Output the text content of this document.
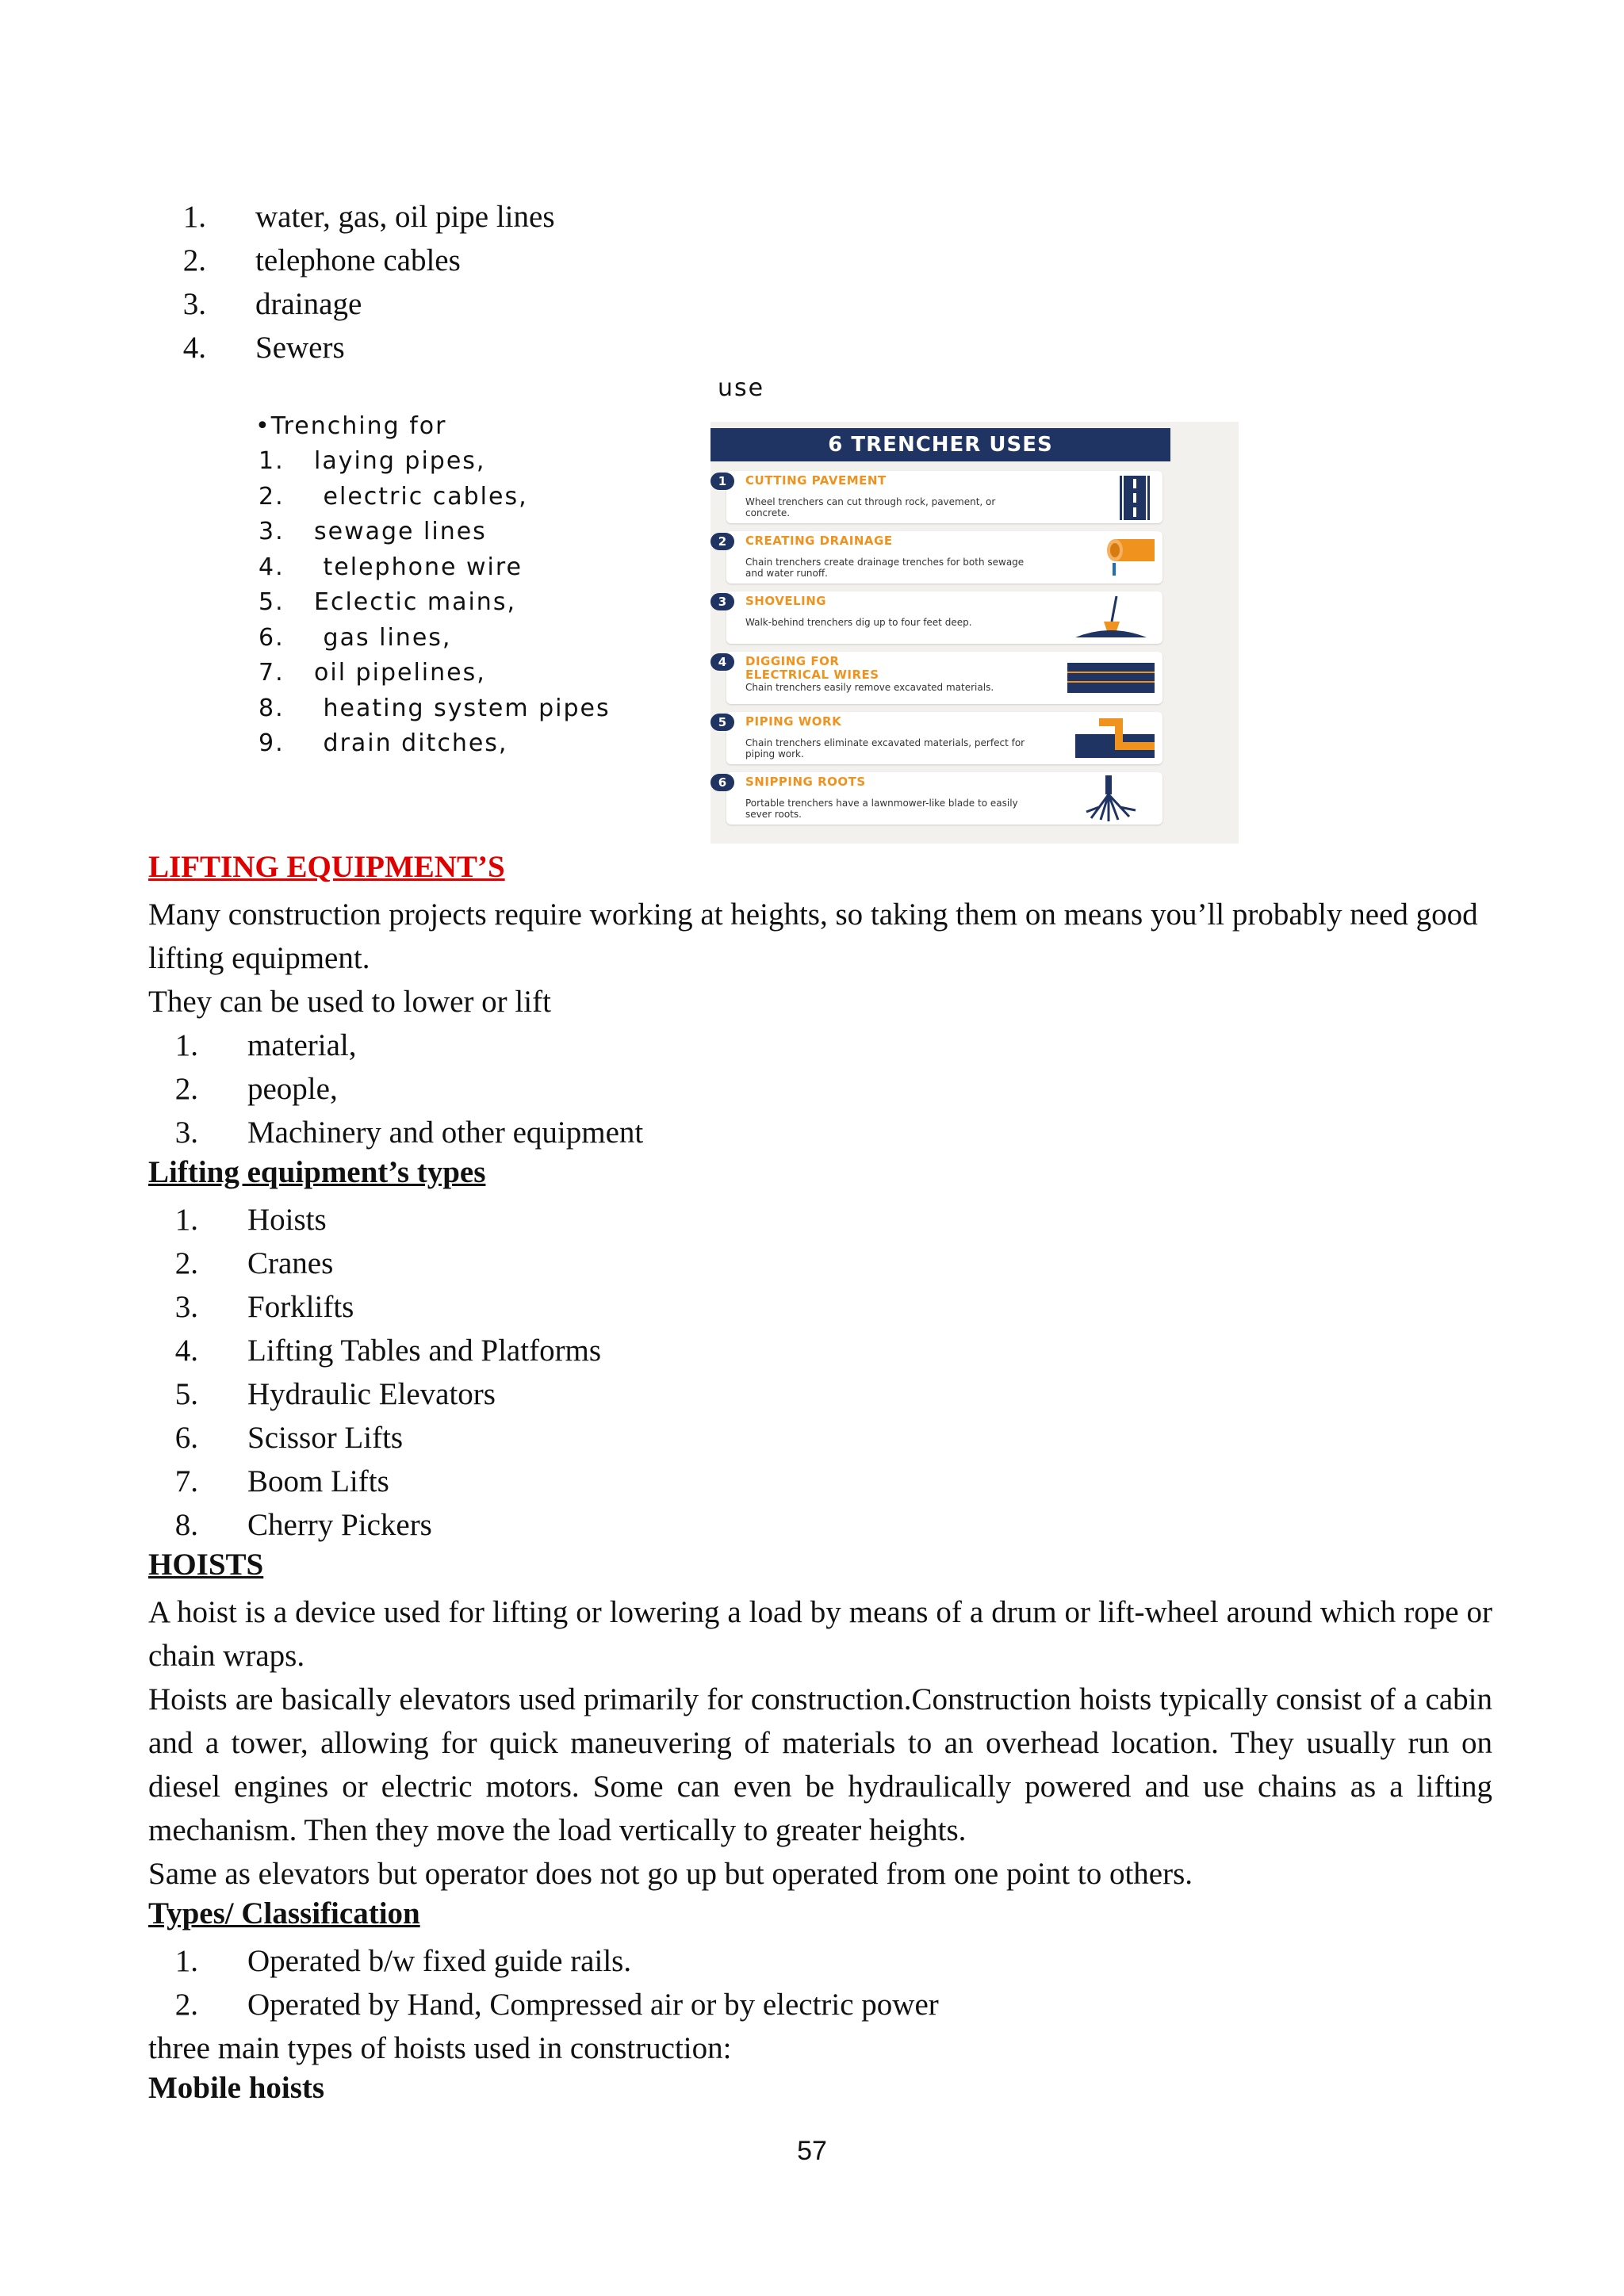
1. water, gas, oil pipe lines
2. telephone cables
3. drainage
4. Sewers
use
•Trenching for
1. laying pipes,
2. electric cables,
3. sewage lines
4. telephone wire
5. Eclectic mains,
6. gas lines,
7. oil pipelines,
8. heating system pipes
9. drain ditches,
6 TRENCHER USES
1	CUTTING PAVEMENT
Wheel trenchers can cut through rock, pavement, or concrete.
2	CREATING DRAINAGE
Chain trenchers create drainage trenches for both sewage and water runoff.
3	SHOVELING
Walk-behind trenchers dig up to four feet deep.
4	DIGGING FOR
ELECTRICAL WIRES
Chain trenchers easily remove excavated materials.
5	PIPING WORK
Chain trenchers eliminate excavated materials, perfect for piping work.
6	SNIPPING ROOTS
Portable trenchers have a lawnmower-like blade to easily sever roots.
LIFTING EQUIPMENT’S
Many construction projects require working at heights, so taking them on means you’ll probably need good lifting equipment.
They can be used to lower or lift
1. material,
2. people,
3. Machinery and other equipment
Lifting equipment’s types
1. Hoists
2. Cranes
3. Forklifts
4. Lifting Tables and Platforms
5. Hydraulic Elevators
6. Scissor Lifts
7. Boom Lifts
8. Cherry Pickers
HOISTS
A hoist is a device used for lifting or lowering a load by means of a drum or lift-wheel around which rope or chain wraps.
Hoists are basically elevators used primarily for construction.Construction hoists typically consist of a cabin and a tower, allowing for quick maneuvering of materials to an overhead location. They usually run on diesel engines or electric motors. Some can even be hydraulically powered and use chains as a lifting mechanism. Then they move the load vertically to greater heights.
Same as elevators but operator does not go up but operated from one point to others.
Types/ Classification
1. Operated b/w fixed guide rails.
2. Operated by Hand, Compressed air or by electric power
three main types of hoists used in construction:
Mobile hoists
57
